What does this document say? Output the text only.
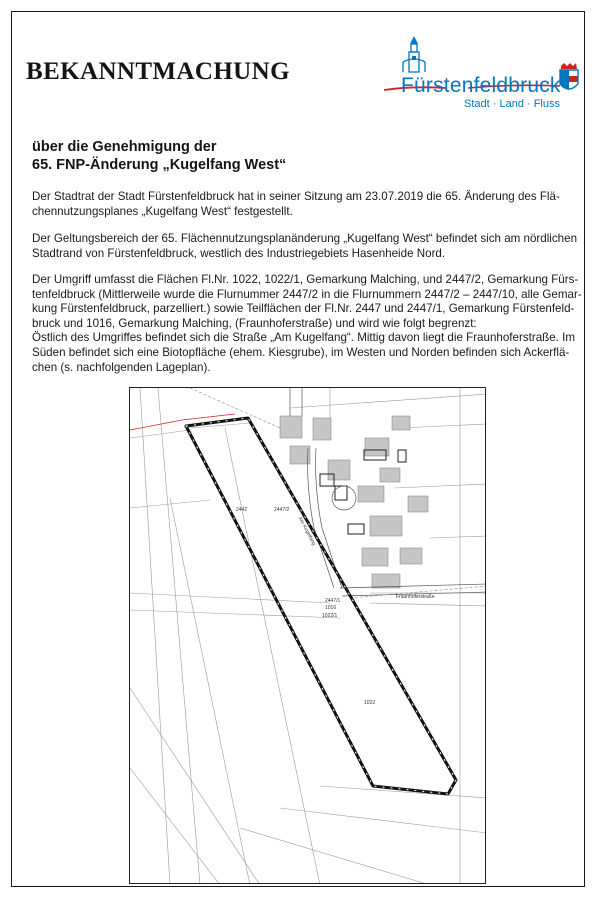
BEKANNTMACHUNG
Fürstenfeldbruck
Stadt · Land · Fluss
über die Genehmigung der
65. FNP-Änderung „Kugelfang West“
Der Stadtrat der Stadt Fürstenfeldbruck hat in seiner Sitzung am 23.07.2019 die 65. Änderung des Flä-
chennutzungsplanes „Kugelfang West“ festgestellt.
Der Geltungsbereich der 65. Flächennutzungsplanänderung „Kugelfang West“ befindet sich am nördlichen
Stadtrand von Fürstenfeldbruck, westlich des Industriegebiets Hasenheide Nord.
Der Umgriff umfasst die Flächen Fl.Nr. 1022, 1022/1, Gemarkung Malching, und 2447/2, Gemarkung Fürs-
tenfeldbruck (Mittlerweile wurde die Flurnummer 2447/2 in die Flurnummern 2447/2 – 2447/10, alle Gemar-
kung Fürstenfeldbruck, parzelliert.) sowie Teilflächen der Fl.Nr. 2447 und 2447/1, Gemarkung Fürstenfeld-
bruck und 1016, Gemarkung Malching, (Fraunhoferstraße) und wird wie folgt begrenzt:
Östlich des Umgriffes befindet sich die Straße „Am Kugelfang“. Mittig davon liegt die Fraunhoferstraße. Im
Süden befindet sich eine Biotopfläche (ehem. Kiesgrube), im Westen und Norden befinden sich Ackerflä-
chen (s. nachfolgenden Lageplan).
2442	2447/2
Am Kugelfang
Fraunhoferstraße
2447/1
1016
1022/1
1022
